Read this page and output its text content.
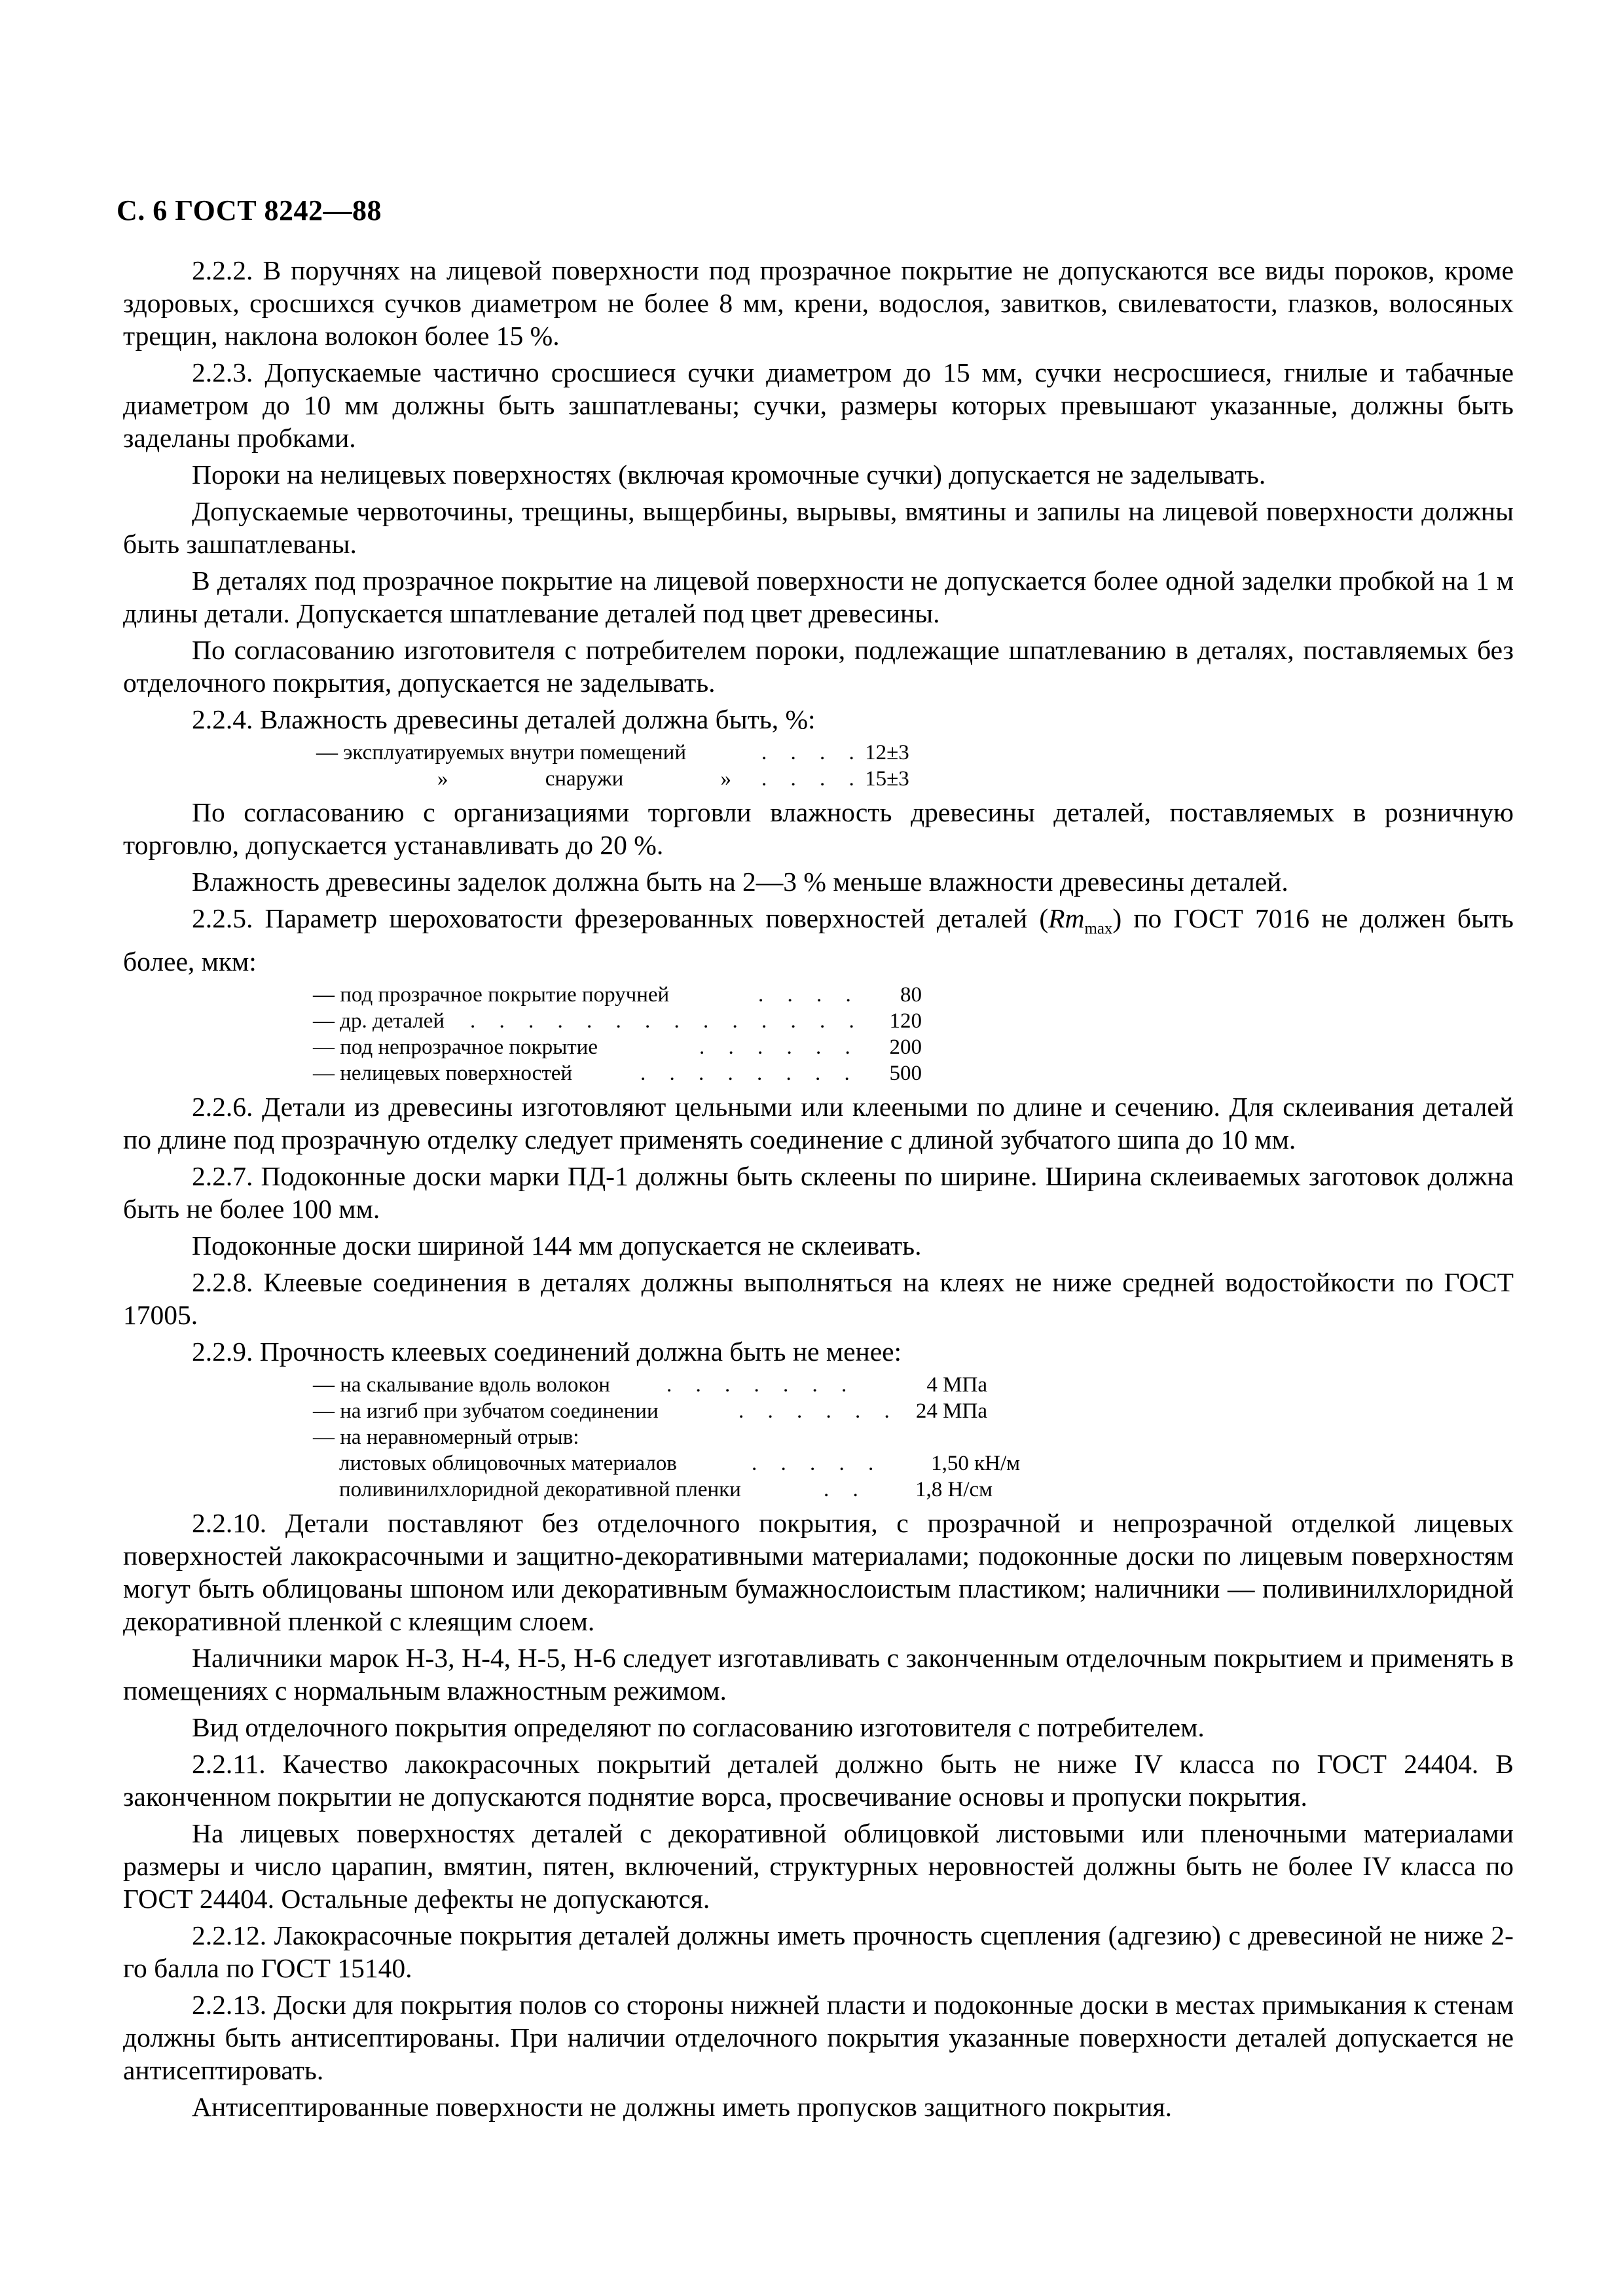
С. 6 ГОСТ 8242—88

2.2.2. В поручнях на лицевой поверхности под прозрачное покрытие не допускаются все виды пороков, кроме здоровых, сросшихся сучков диаметром не более 8 мм, крени, водослоя, завитков, свилеватости, глазков, волосяных трещин, наклона волокон более 15 %.

2.2.3. Допускаемые частично сросшиеся сучки диаметром до 15 мм, сучки несросшиеся, гнилые и табачные диаметром до 10 мм должны быть зашпатлеваны; сучки, размеры которых превышают указанные, должны быть заделаны пробками.

Пороки на нелицевых поверхностях (включая кромочные сучки) допускается не заделывать.

Допускаемые червоточины, трещины, выщербины, вырывы, вмятины и запилы на лицевой поверхности должны быть зашпатлеваны.

В деталях под прозрачное покрытие на лицевой поверхности не допускается более одной заделки пробкой на 1 м длины детали. Допускается шпатлевание деталей под цвет древесины.

По согласованию изготовителя с потребителем пороки, подлежащие шпатлеванию в деталях, поставляемых без отделочного покрытия, допускается не заделывать.

2.2.4. Влажность древесины деталей должна быть, %:

— эксплуатируемых внутри помещений	. . . . 12±3
» снаружи »	. . . . 15±3

По согласованию с организациями торговли влажность древесины деталей, поставляемых в розничную торговлю, допускается устанавливать до 20 %.

Влажность древесины заделок должна быть на 2—3 % меньше влажности древесины деталей.

2.2.5. Параметр шероховатости фрезерованных поверхностей деталей $(Rm_{max})$ по ГОСТ 7016 не должен быть более, мкм:

— под прозрачное покрытие поручней	. . . .	80
— др. деталей	. . . . . . . . . . . . . .	120
— под непрозрачное покрытие	. . . . . .	200
— нелицевых поверхностей	. . . . . . . .	500

2.2.6. Детали из древесины изготовляют цельными или клееными по длине и сечению. Для склеивания деталей по длине под прозрачную отделку следует применять соединение с длиной зубчатого шипа до 10 мм.

2.2.7. Подоконные доски марки ПД-1 должны быть склеены по ширине. Ширина склеиваемых заготовок должна быть не более 100 мм.

Подоконные доски шириной 144 мм допускается не склеивать.

2.2.8. Клеевые соединения в деталях должны выполняться на клеях не ниже средней водостойкости по ГОСТ 17005.

2.2.9. Прочность клеевых соединений должна быть не менее:

— на скалывание вдоль волокон	. . . . . . .	4 МПа
— на изгиб при зубчатом соединении	. . . . . . 24 МПа
— на неравномерный отрыв:
листовых облицовочных материалов	. . . . .	1,50 кН/м
поливинилхлоридной декоративной пленки	. .	1,8 Н/см

2.2.10. Детали поставляют без отделочного покрытия, с прозрачной и непрозрачной отделкой лицевых поверхностей лакокрасочными и защитно-декоративными материалами; подоконные доски по лицевым поверхностям могут быть облицованы шпоном или декоративным бумажнослоистым пластиком; наличники — поливинилхлоридной декоративной пленкой с клеящим слоем.

Наличники марок Н-3, Н-4, Н-5, Н-6 следует изготавливать с законченным отделочным покрытием и применять в помещениях с нормальным влажностным режимом.

Вид отделочного покрытия определяют по согласованию изготовителя с потребителем.

2.2.11. Качество лакокрасочных покрытий деталей должно быть не ниже IV класса по ГОСТ 24404. В законченном покрытии не допускаются поднятие ворса, просвечивание основы и пропуски покрытия.

На лицевых поверхностях деталей с декоративной облицовкой листовыми или пленочными материалами размеры и число царапин, вмятин, пятен, включений, структурных неровностей должны быть не более IV класса по ГОСТ 24404. Остальные дефекты не допускаются.

2.2.12. Лакокрасочные покрытия деталей должны иметь прочность сцепления (адгезию) с древесиной не ниже 2-го балла по ГОСТ 15140.

2.2.13. Доски для покрытия полов со стороны нижней пласти и подоконные доски в местах примыкания к стенам должны быть антисептированы. При наличии отделочного покрытия указанные поверхности деталей допускается не антисептировать.

Антисептированные поверхности не должны иметь пропусков защитного покрытия.
